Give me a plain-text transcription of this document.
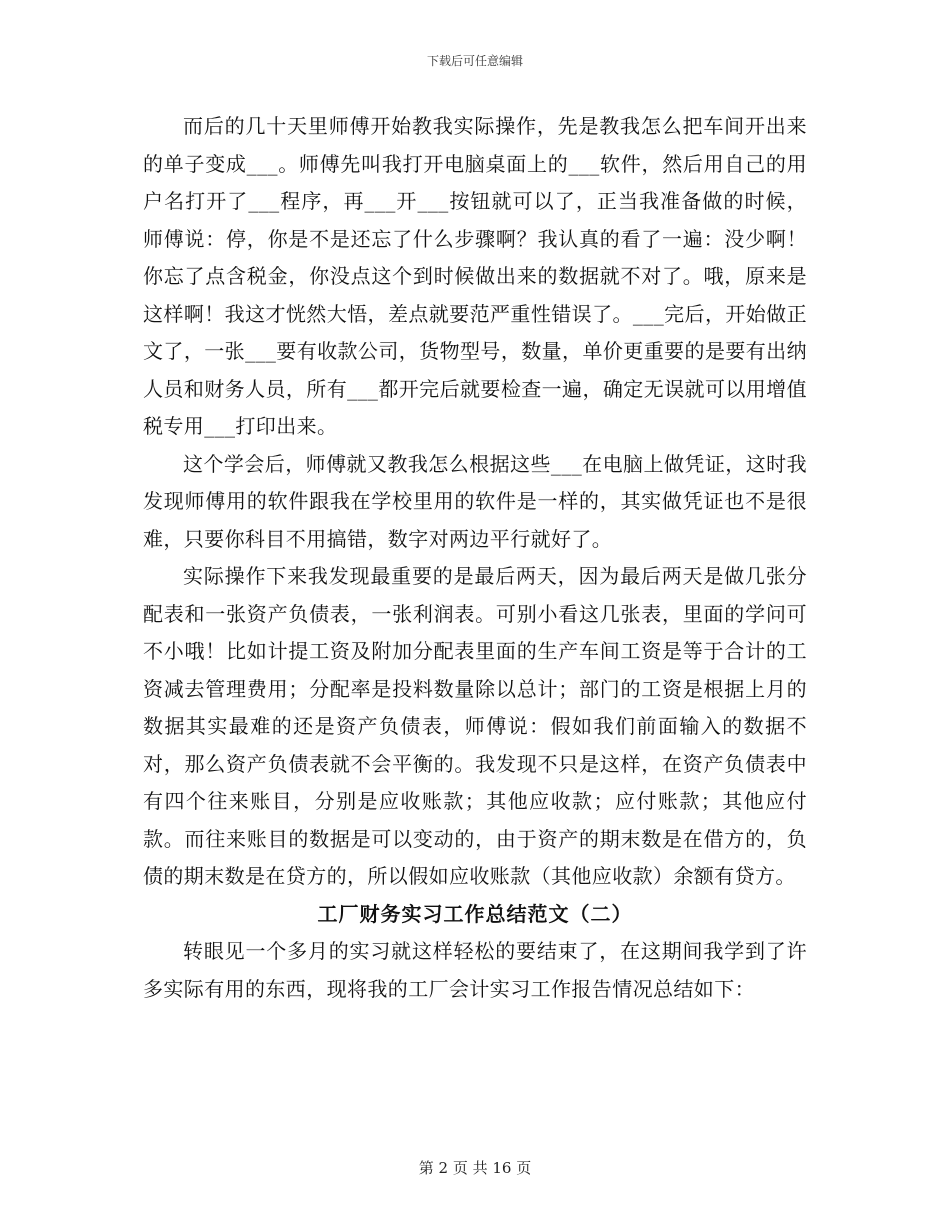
下载后可任意编辑

而后的几十天里师傅开始教我实际操作，先是教我怎么把车间开出来的单子变成___。师傅先叫我打开电脑桌面上的___软件，然后用自己的用户名打开了___程序，再___开___按钮就可以了，正当我准备做的时候，师傅说：停，你是不是还忘了什么步骤啊？我认真的看了一遍：没少啊！你忘了点含税金，你没点这个到时候做出来的数据就不对了。哦，原来是这样啊！我这才恍然大悟，差点就要范严重性错误了。___完后，开始做正文了，一张___要有收款公司，货物型号，数量，单价更重要的是要有出纳人员和财务人员，所有___都开完后就要检查一遍，确定无误就可以用增值税专用___打印出来。

这个学会后，师傅就又教我怎么根据这些___在电脑上做凭证，这时我发现师傅用的软件跟我在学校里用的软件是一样的，其实做凭证也不是很难，只要你科目不用搞错，数字对两边平行就好了。

实际操作下来我发现最重要的是最后两天，因为最后两天是做几张分配表和一张资产负债表，一张利润表。可别小看这几张表，里面的学问可不小哦！比如计提工资及附加分配表里面的生产车间工资是等于合计的工资减去管理费用；分配率是投料数量除以总计；部门的工资是根据上月的数据其实最难的还是资产负债表，师傅说：假如我们前面输入的数据不对，那么资产负债表就不会平衡的。我发现不只是这样，在资产负债表中有四个往来账目，分别是应收账款；其他应收款；应付账款；其他应付款。而往来账目的数据是可以变动的，由于资产的期末数是在借方的，负债的期末数是在贷方的，所以假如应收账款（其他应收款）余额有贷方。

工厂财务实习工作总结范文（二）

转眼见一个多月的实习就这样轻松的要结束了，在这期间我学到了许多实际有用的东西，现将我的工厂会计实习工作报告情况总结如下：

第 2 页 共 16 页
